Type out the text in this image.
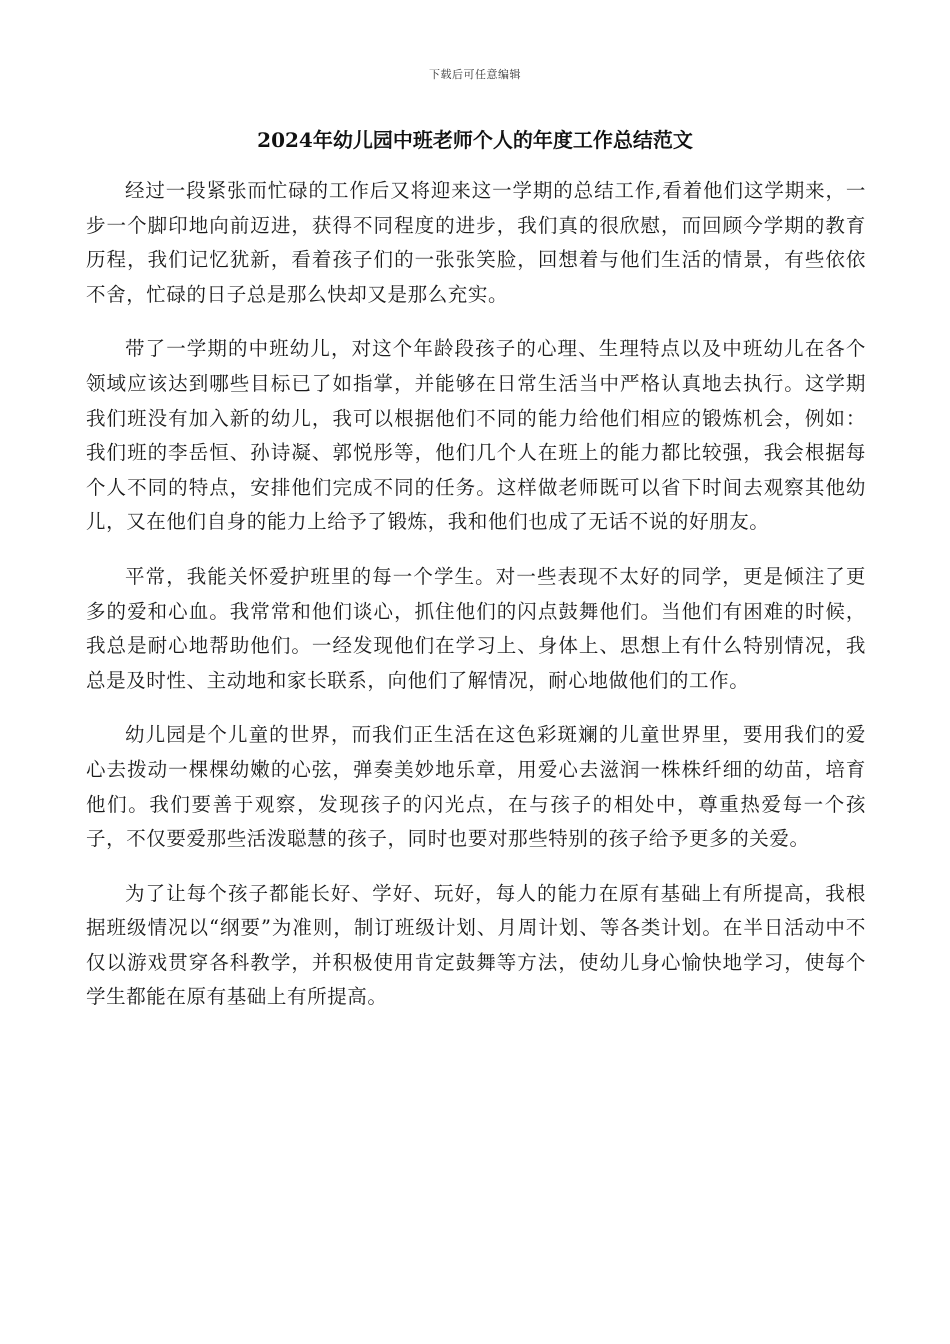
下载后可任意编辑
2024年幼儿园中班老师个人的年度工作总结范文

经过一段紧张而忙碌的工作后又将迎来这一学期的总结工作,看着他们这学期来，一步一个脚印地向前迈进，获得不同程度的进步，我们真的很欣慰，而回顾今学期的教育历程，我们记忆犹新，看着孩子们的一张张笑脸，回想着与他们生活的情景，有些依依不舍，忙碌的日子总是那么快却又是那么充实。

带了一学期的中班幼儿，对这个年龄段孩子的心理、生理特点以及中班幼儿在各个领域应该达到哪些目标已了如指掌，并能够在日常生活当中严格认真地去执行。这学期我们班没有加入新的幼儿，我可以根据他们不同的能力给他们相应的锻炼机会，例如：我们班的李岳恒、孙诗凝、郭悦彤等，他们几个人在班上的能力都比较强，我会根据每个人不同的特点，安排他们完成不同的任务。这样做老师既可以省下时间去观察其他幼儿，又在他们自身的能力上给予了锻炼，我和他们也成了无话不说的好朋友。

平常，我能关怀爱护班里的每一个学生。对一些表现不太好的同学，更是倾注了更多的爱和心血。我常常和他们谈心，抓住他们的闪点鼓舞他们。当他们有困难的时候，我总是耐心地帮助他们。一经发现他们在学习上、身体上、思想上有什么特别情况，我总是及时性、主动地和家长联系，向他们了解情况，耐心地做他们的工作。

幼儿园是个儿童的世界，而我们正生活在这色彩斑斓的儿童世界里，要用我们的爱心去拨动一棵棵幼嫩的心弦，弹奏美妙地乐章，用爱心去滋润一株株纤细的幼苗，培育他们。我们要善于观察，发现孩子的闪光点，在与孩子的相处中，尊重热爱每一个孩子，不仅要爱那些活泼聪慧的孩子，同时也要对那些特别的孩子给予更多的关爱。

为了让每个孩子都能长好、学好、玩好，每人的能力在原有基础上有所提高，我根据班级情况以“纲要”为准则，制订班级计划、月周计划、等各类计划。在半日活动中不仅以游戏贯穿各科教学，并积极使用肯定鼓舞等方法，使幼儿身心愉快地学习，使每个学生都能在原有基础上有所提高。
